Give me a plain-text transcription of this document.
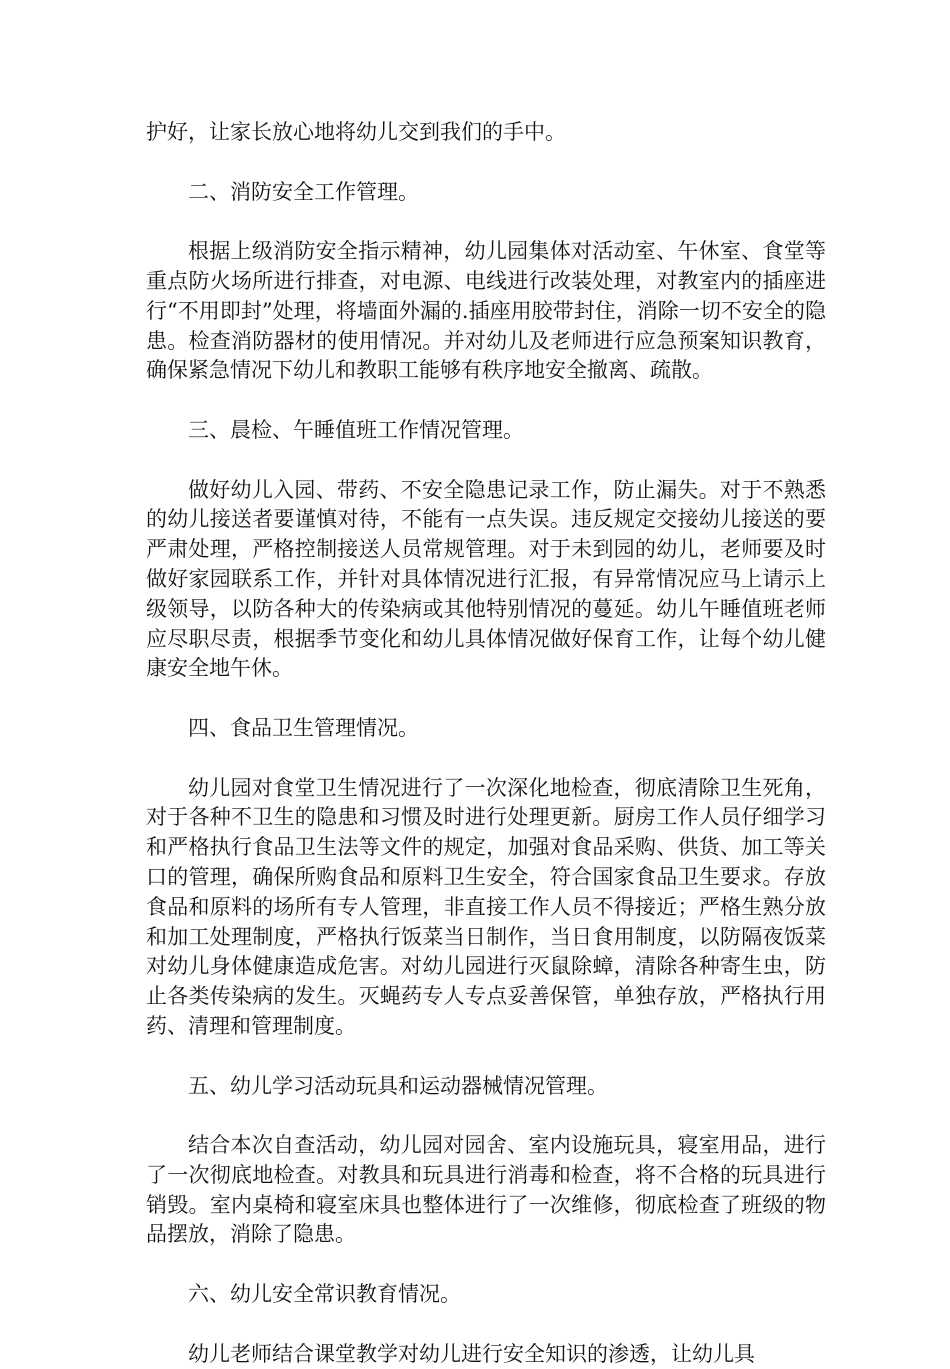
护好，让家长放心地将幼儿交到我们的手中。

二、消防安全工作管理。

根据上级消防安全指示精神，幼儿园集体对活动室、午休室、食堂等重点防火场所进行排查，对电源、电线进行改装处理，对教室内的插座进行“不用即封”处理，将墙面外漏的.插座用胶带封住，消除一切不安全的隐患。检查消防器材的使用情况。并对幼儿及老师进行应急预案知识教育，确保紧急情况下幼儿和教职工能够有秩序地安全撤离、疏散。

三、晨检、午睡值班工作情况管理。

做好幼儿入园、带药、不安全隐患记录工作，防止漏失。对于不熟悉的幼儿接送者要谨慎对待，不能有一点失误。违反规定交接幼儿接送的要严肃处理，严格控制接送人员常规管理。对于未到园的幼儿，老师要及时做好家园联系工作，并针对具体情况进行汇报，有异常情况应马上请示上级领导，以防各种大的传染病或其他特别情况的蔓延。幼儿午睡值班老师应尽职尽责，根据季节变化和幼儿具体情况做好保育工作，让每个幼儿健康安全地午休。

四、食品卫生管理情况。

幼儿园对食堂卫生情况进行了一次深化地检查，彻底清除卫生死角，对于各种不卫生的隐患和习惯及时进行处理更新。厨房工作人员仔细学习和严格执行食品卫生法等文件的规定，加强对食品采购、供货、加工等关口的管理，确保所购食品和原料卫生安全，符合国家食品卫生要求。存放食品和原料的场所有专人管理，非直接工作人员不得接近；严格生熟分放和加工处理制度，严格执行饭菜当日制作，当日食用制度，以防隔夜饭菜对幼儿身体健康造成危害。对幼儿园进行灭鼠除蟑，清除各种寄生虫，防止各类传染病的发生。灭蝇药专人专点妥善保管，单独存放，严格执行用药、清理和管理制度。

五、幼儿学习活动玩具和运动器械情况管理。

结合本次自查活动，幼儿园对园舍、室内设施玩具，寝室用品，进行了一次彻底地检查。对教具和玩具进行消毒和检查，将不合格的玩具进行销毁。室内桌椅和寝室床具也整体进行了一次维修，彻底检查了班级的物品摆放，消除了隐患。

六、幼儿安全常识教育情况。

幼儿老师结合课堂教学对幼儿进行安全知识的渗透，让幼儿具
